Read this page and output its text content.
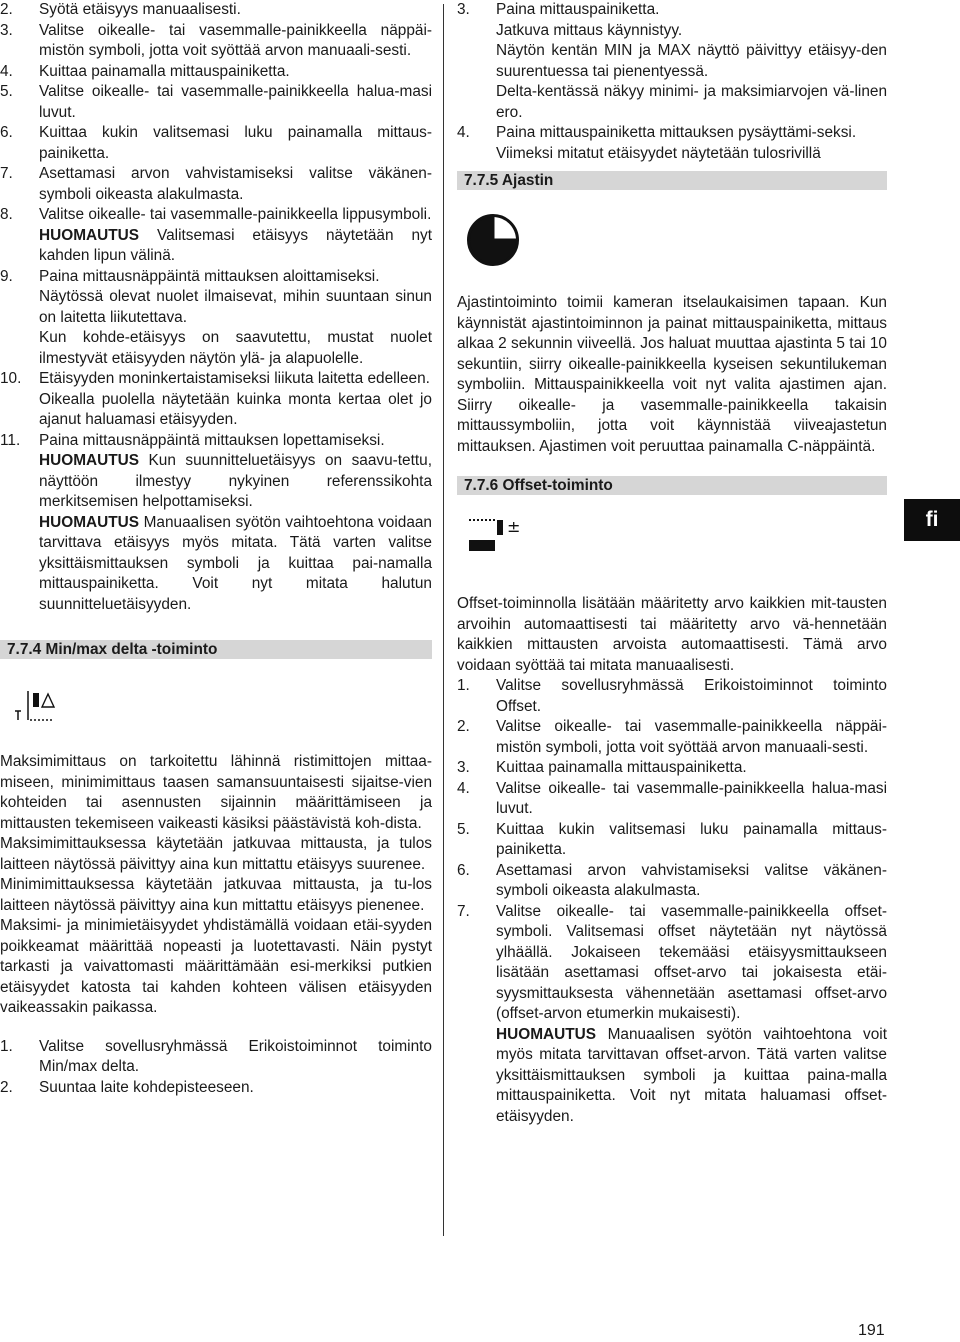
2.	Syötä etäisyys manuaalisesti.
3.	Valitse oikealle- tai vasemmalle-painikkeella näppäi-mistön symboli, jotta voit syöttää arvon manuaali-sesti.
4.	Kuittaa painamalla mittauspainiketta.
5.	Valitse oikealle- tai vasemmalle-painikkeella halua-masi luvut.
6.	Kuittaa kukin valitsemasi luku painamalla mittaus-painiketta.
7.	Asettamasi arvon vahvistamiseksi valitse väkänen-symboli oikeasta alakulmasta.
8.	Valitse oikealle- tai vasemmalle-painikkeella lippusymboli.
HUOMAUTUS Valitsemasi etäisyys näytetään nyt kahden lipun välinä.
9.	Paina mittausnäppäintä mittauksen aloittamiseksi.
Näytössä olevat nuolet ilmaisevat, mihin suuntaan sinun on laitetta liikutettava.
Kun kohde-etäisyys on saavutettu, mustat nuolet ilmestyvät etäisyyden näytön ylä- ja alapuolelle.
10.	Etäisyyden moninkertaistamiseksi liikuta laitetta edelleen.
Oikealla puolella näytetään kuinka monta kertaa olet jo ajanut haluamasi etäisyyden.
11.	Paina mittausnäppäintä mittauksen lopettamiseksi.
HUOMAUTUS Kun suunnitteluetäisyys on saavu-tettu, näyttöön ilmestyy nykyinen referenssikohta merkitsemisen helpottamiseksi.
HUOMAUTUS Manuaalisen syötön vaihtoehtona voidaan tarvittava etäisyys myös mitata. Tätä varten valitse yksittäismittauksen symboli ja kuittaa pai-namalla mittauspainiketta. Voit nyt mitata halutun suunnitteluetäisyyden.
7.7.4 Min/max delta -toiminto
Maksimimittaus on tarkoitettu lähinnä ristimittojen mittaa-miseen, minimimittaus taasen samansuuntaisesti sijaitse-vien kohteiden tai asennusten sijainnin määrittämiseen ja mittausten tekemiseen vaikeasti käsiksi päästävistä koh-dista.
Maksimimittauksessa käytetään jatkuvaa mittausta, ja tulos laitteen näytössä päivittyy aina kun mittattu etäisyys suurenee.
Minimimittauksessa käytetään jatkuvaa mittausta, ja tu-los laitteen näytössä päivittyy aina kun mittattu etäisyys pienenee.
Maksimi- ja minimietäisyydet yhdistämällä voidaan etäi-syyden poikkeamat määrittää nopeasti ja luotettavasti. Näin pystyt tarkasti ja vaivattomasti määrittämään esi-merkiksi putkien etäisyydet katosta tai kahden kohteen välisen etäisyyden vaikeassakin paikassa.
1.	Valitse sovellusryhmässä Erikoistoiminnot toiminto Min/max delta.
2.	Suuntaa laite kohdepisteeseen.
3.	Paina mittauspainiketta.
Jatkuva mittaus käynnistyy.
Näytön kentän MIN ja MAX näyttö päivittyy etäisyy-den suurentuessa tai pienentyessä.
Delta-kentässä näkyy minimi- ja maksimiarvojen vä-linen ero.
4.	Paina mittauspainiketta mittauksen pysäyttämi-seksi.
Viimeksi mitatut etäisyydet näytetään tulosrivillä
7.7.5 Ajastin
Ajastintoiminto toimii kameran itselaukaisimen tapaan. Kun käynnistät ajastintoiminnon ja painat mittauspainiketta, mittaus alkaa 2 sekunnin viiveellä. Jos haluat muuttaa ajastinta 5 tai 10 sekuntiin, siirry oikealle-painikkeella kyseisen sekuntilukeman symboliin. Mittauspainikkeella voit nyt valita ajastimen ajan. Siirry oikealle- ja vasemmalle-painikkeella takaisin mittaussymboliin, jotta voit käynnistää viiveajastetun mittauksen. Ajastimen voit peruuttaa painamalla C-näppäintä.
7.7.6 Offset-toiminto
±
Offset-toiminnolla lisätään määritetty arvo kaikkien mit-tausten arvoihin automaattisesti tai määritetty arvo vä-hennetään kaikkien mittausten arvoista automaattisesti. Tämä arvo voidaan syöttää tai mitata manuaalisesti.
1.	Valitse sovellusryhmässä Erikoistoiminnot toiminto Offset.
2.	Valitse oikealle- tai vasemmalle-painikkeella näppäi-mistön symboli, jotta voit syöttää arvon manuaali-sesti.
3.	Kuittaa painamalla mittauspainiketta.
4.	Valitse oikealle- tai vasemmalle-painikkeella halua-masi luvut.
5.	Kuittaa kukin valitsemasi luku painamalla mittaus-painiketta.
6.	Asettamasi arvon vahvistamiseksi valitse väkänen-symboli oikeasta alakulmasta.
7.	Valitse oikealle- tai vasemmalle-painikkeella offset-symboli. Valitsemasi offset näytetään nyt näytössä ylhäällä. Jokaiseen tekemääsi etäisyysmittaukseen lisätään asettamasi offset-arvo tai jokaisesta etäi-syysmittauksesta vähennetään asettamasi offset-arvo (offset-arvon etumerkin mukaisesti).
HUOMAUTUS Manuaalisen syötön vaihtoehtona voit myös mitata tarvittavan offset-arvon. Tätä varten valitse yksittäismittauksen symboli ja kuittaa paina-malla mittauspainiketta. Voit nyt mitata haluamasi offset-etäisyyden.
fi
191
